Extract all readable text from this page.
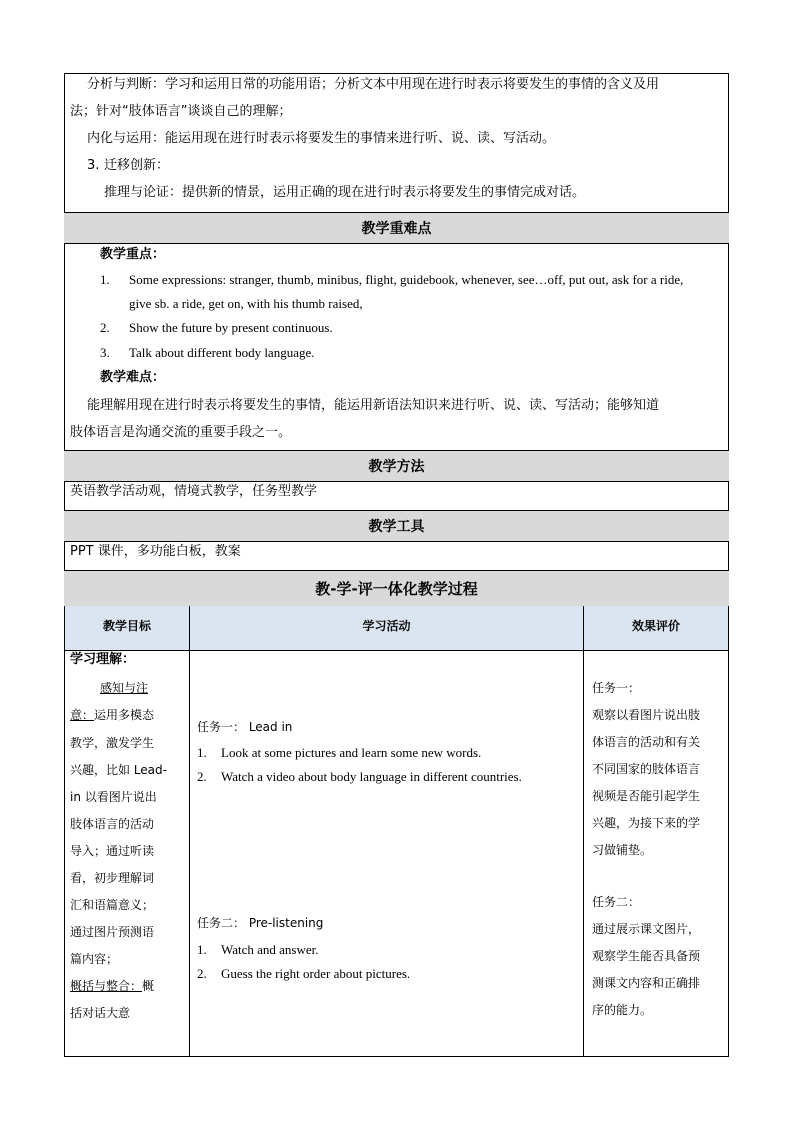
分析与判断：学习和运用日常的功能用语；分析文本中用现在进行时表示将要发生的事情的含义及用
法；针对“肢体语言”谈谈自己的理解；
内化与运用：能运用现在进行时表示将要发生的事情来进行听、说、读、写活动。
3. 迁移创新：
推理与论证：提供新的情景，运用正确的现在进行时表示将要发生的事情完成对话。
教学重难点
教学重点：
1. Some expressions: stranger, thumb, minibus, flight, guidebook, whenever, see…off, put out, ask for a ride,
give sb. a ride, get on, with his thumb raised,
2. Show the future by present continuous.
3. Talk about different body language.
教学难点：
能理解用现在进行时表示将要发生的事情，能运用新语法知识来进行听、说、读、写活动；能够知道
肢体语言是沟通交流的重要手段之一。
教学方法
英语教学活动观，情境式教学，任务型教学
教学工具
PPT 课件，多功能白板，教案
教-学-评一体化教学过程
教学目标	学习活动	效果评价
学习理解：
感知与注
意：运用多模态
教学，激发学生
兴趣，比如 Lead-
in 以看图片说出
肢体语言的活动
导入；通过听读
看，初步理解词
汇和语篇意义；
通过图片预测语
篇内容；
概括与整合：概
括对话大意
任务一： Lead in
1. Look at some pictures and learn some new words.
2. Watch a video about body language in different countries.
任务二： Pre-listening
1. Watch and answer.
2. Guess the right order about pictures.
任务一：
观察以看图片说出肢
体语言的活动和有关
不同国家的肢体语言
视频是否能引起学生
兴趣，为接下来的学
习做铺垫。
任务二：
通过展示课文图片，
观察学生能否具备预
测课文内容和正确排
序的能力。
